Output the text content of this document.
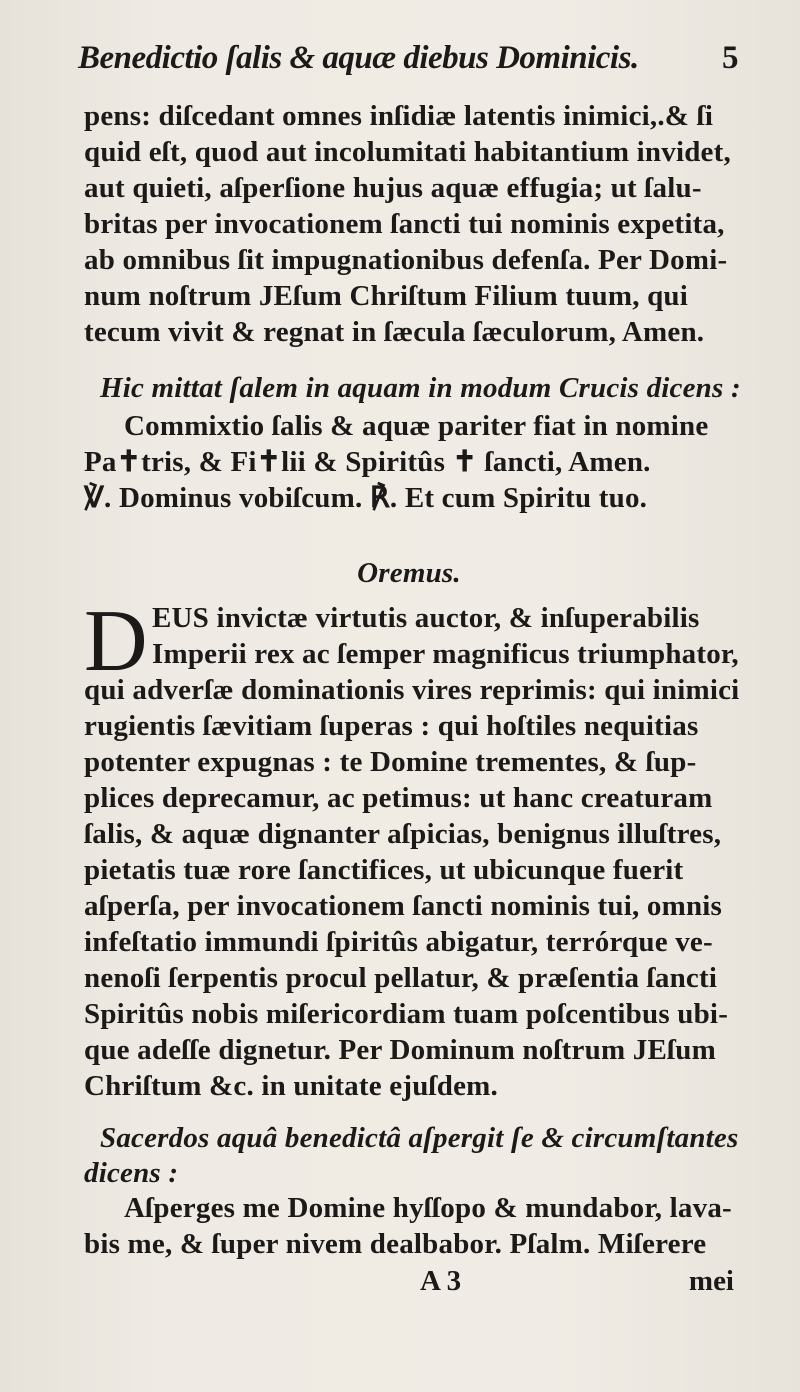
Benedictio ſalis & aquæ diebus Dominicis.	5
pens: diſcedant omnes inſidiæ latentis inimici,.& ſi
quid eſt, quod aut incolumitati habitantium invidet,
aut quieti, aſperſione hujus aquæ effugia; ut ſalu-
britas per invocationem ſancti tui nominis expetita,
ab omnibus ſit impugnationibus defenſa. Per Domi-
num noſtrum JEſum Chriſtum Filium tuum, qui
tecum vivit & regnat in ſæcula ſæculorum, Amen.
Hic mittat ſalem in aquam in modum Crucis dicens :
Commixtio ſalis & aquæ pariter fiat in nomine
Pa✝tris, & Fi✝lii & Spiritûs ✝ ſancti, Amen.
℣. Dominus vobiſcum. ℟. Et cum Spiritu tuo.
Oremus.
D EUS invictæ virtutis auctor, & inſuperabilis
Imperii rex ac ſemper magnificus triumphator,
qui adverſæ dominationis vires reprimis: qui inimici
rugientis ſævitiam ſuperas : qui hoſtiles nequitias
potenter expugnas : te Domine trementes, & ſup-
plices deprecamur, ac petimus: ut hanc creaturam
ſalis, & aquæ dignanter aſpicias, benignus illuſtres,
pietatis tuæ rore ſanctifices, ut ubicunque fuerit
aſperſa, per invocationem ſancti nominis tui, omnis
infeſtatio immundi ſpiritûs abigatur, terrórque ve-
nenoſi ſerpentis procul pellatur, & præſentia ſancti
Spiritûs nobis miſericordiam tuam poſcentibus ubi-
que adeſſe dignetur. Per Dominum noſtrum JEſum
Chriſtum &c. in unitate ejuſdem.
Sacerdos aquâ benedictâ aſpergit ſe & circumſtantes
dicens :
Aſperges me Domine hyſſopo & mundabor, lava-
bis me, & ſuper nivem dealbabor. Pſalm. Miſerere
A 3	mei
